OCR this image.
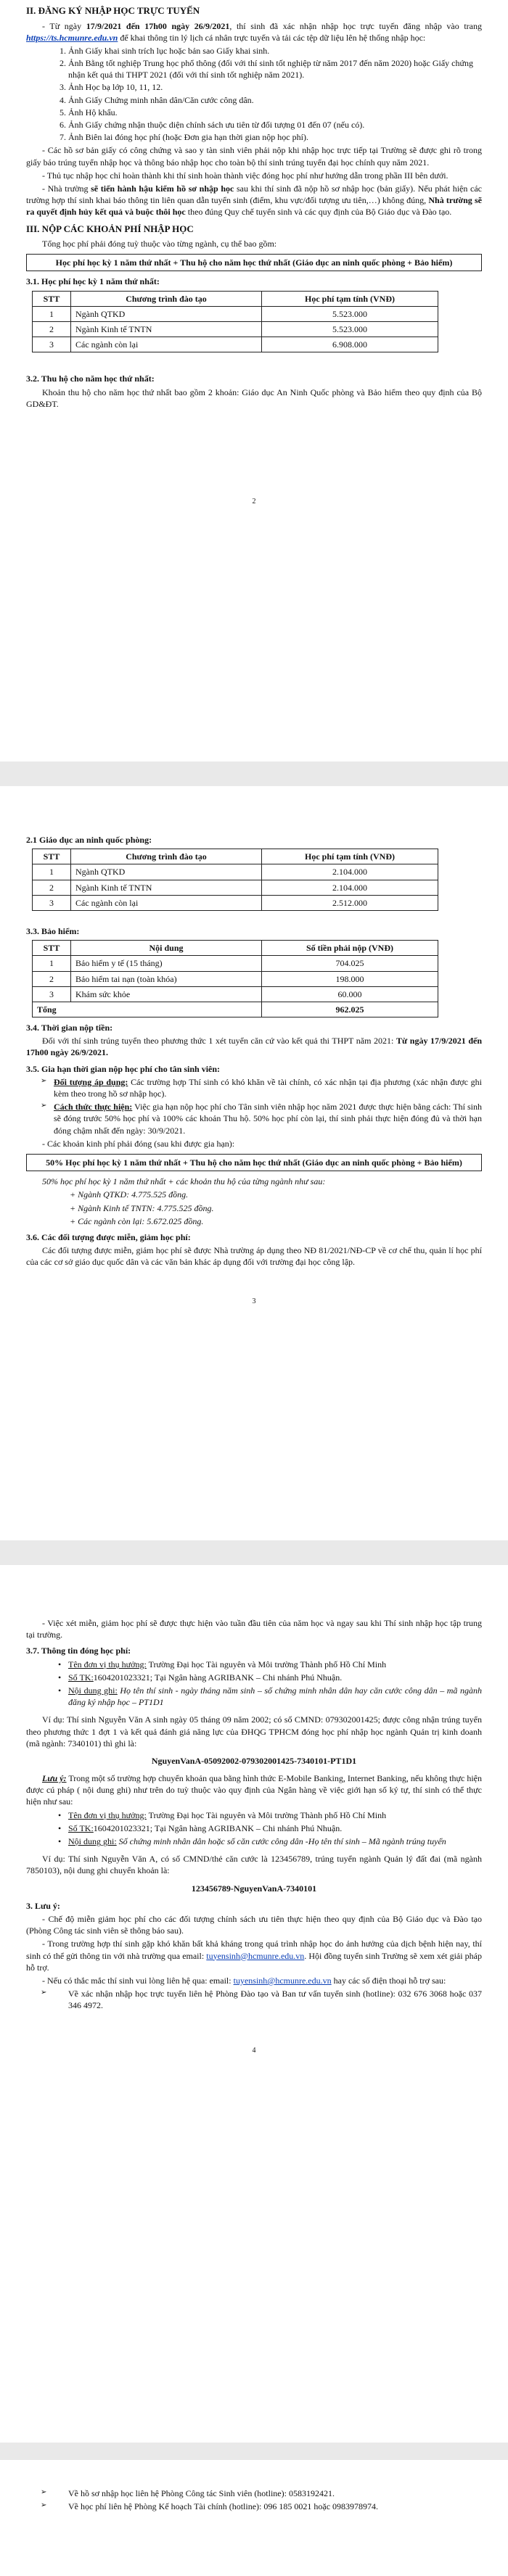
II. ĐĂNG KÝ NHẬP HỌC TRỰC TUYẾN

- Từ ngày 17/9/2021 đến 17h00 ngày 26/9/2021, thí sinh đã xác nhận nhập học trực tuyến đăng nhập vào trang https://ts.hcmunre.edu.vn để khai thông tin lý lịch cá nhân trực tuyến và tải các tệp dữ liệu lên hệ thống nhập học:

1. Ảnh Giấy khai sinh trích lục hoặc bản sao Giấy khai sinh.
2. Ảnh Bằng tốt nghiệp Trung học phổ thông (đối với thí sinh tốt nghiệp từ năm 2017 đến năm 2020) hoặc Giấy chứng nhận kết quả thi THPT 2021 (đối với thí sinh tốt nghiệp năm 2021).
3. Ảnh Học bạ lớp 10, 11, 12.
4. Ảnh Giấy Chứng minh nhân dân/Căn cước công dân.
5. Ảnh Hộ khẩu.
6. Ảnh Giấy chứng nhận thuộc diện chính sách ưu tiên từ đối tượng 01 đến 07 (nếu có).
7. Ảnh Biên lai đóng học phí (hoặc Đơn gia hạn thời gian nộp học phí).

- Các hồ sơ bản giấy có công chứng và sao y tàn sinh viên phải nộp khi nhập học trực tiếp tại Trường sẽ được ghi rõ trong giấy báo trúng tuyển nhập học và thông báo nhập học cho toàn bộ thí sinh trúng tuyển đại học chính quy năm 2021.

- Thủ tục nhập học chỉ hoàn thành khi thí sinh hoàn thành việc đóng học phí như hướng dẫn trong phần III bên dưới.

- Nhà trường sẽ tiến hành hậu kiểm hồ sơ nhập học sau khi thí sinh đã nộp hồ sơ nhập học (bản giấy). Nếu phát hiện các trường hợp thí sinh khai báo thông tin liên quan dẫn tuyển sinh (điểm, khu vực/đối tượng ưu tiên,…) không đúng, Nhà trường sẽ ra quyết định hủy kết quả và buộc thôi học theo đúng Quy chế tuyển sinh và các quy định của Bộ Giáo dục và Đào tạo.

III. NỘP CÁC KHOẢN PHÍ NHẬP HỌC

Tổng học phí phải đóng tuỳ thuộc vào từng ngành, cụ thể bao gồm:

Học phí học kỳ 1 năm thứ nhất + Thu hộ cho năm học thứ nhất (Giáo dục an ninh quốc phòng + Bảo hiểm)
3.1. Học phí học kỳ 1 năm thứ nhất:
STT	Chương trình đào tạo	Học phí tạm tính (VNĐ)
1	Ngành QTKD	5.523.000
2	Ngành Kinh tế TNTN	5.523.000
3	Các ngành còn lại	6.908.000
3.2. Thu hộ cho năm học thứ nhất:

Khoản thu hộ cho năm học thứ nhất bao gồm 2 khoản: Giáo dục An Ninh Quốc phòng và Bảo hiểm theo quy định của Bộ GD&ĐT.

2
2.1 Giáo dục an ninh quốc phòng:
STT	Chương trình đào tạo	Học phí tạm tính (VNĐ)
1	Ngành QTKD	2.104.000
2	Ngành Kinh tế TNTN	2.104.000
3	Các ngành còn lại	2.512.000
3.3. Bảo hiểm:
STT	Nội dung	Số tiền phải nộp (VNĐ)
1	Bảo hiểm y tế (15 tháng)	704.025
2	Bảo hiểm tai nạn (toàn khóa)	198.000
3	Khám sức khỏe	60.000
Tổng		962.025
3.4. Thời gian nộp tiền:

Đối với thí sinh trúng tuyển theo phương thức 1 xét tuyển căn cứ vào kết quả thi THPT năm 2021: Từ ngày 17/9/2021 đến 17h00 ngày 26/9/2021.

3.5. Gia hạn thời gian nộp học phí cho tân sinh viên:

➢ Đối tượng áp dụng: Các trường hợp Thí sinh có khó khăn về tài chính, có xác nhận tại địa phương (xác nhận được ghi kèm theo trong hồ sơ nhập học).

➢ Cách thức thực hiện: Việc gia hạn nộp học phí cho Tân sinh viên nhập học năm 2021 được thực hiện bằng cách: Thí sinh sẽ đóng trước 50% học phí và 100% các khoản Thu hộ. 50% học phí còn lại, thí sinh phải thực hiện đóng đủ và thời hạn đóng chậm nhất đến ngày: 30/9/2021.

- Các khoản kinh phí phải đóng (sau khi được gia hạn):

50% Học phí học kỳ 1 năm thứ nhất + Thu hộ cho năm học thứ nhất (Giáo dục an ninh quốc phòng + Bảo hiểm)

50% học phí học kỳ 1 năm thứ nhất + các khoản thu hộ của từng ngành như sau:

+ Ngành QTKD: 4.775.525 đồng.

+ Ngành Kinh tế TNTN: 4.775.525 đồng.

+ Các ngành còn lại: 5.672.025 đồng.

3.6. Các đối tượng được miễn, giảm học phí:

Các đối tượng được miễn, giảm học phí sẽ được Nhà trường áp dụng theo NĐ 81/2021/NĐ-CP về cơ chế thu, quản lí học phí của các cơ sở giáo dục quốc dân và các văn bản khác áp dụng đối với trường đại học công lập.

3

- Việc xét miễn, giảm học phí sẽ được thực hiện vào tuần đầu tiên của năm học và ngay sau khi Thí sinh nhập học tập trung tại trường.

3.7. Thông tin đóng học phí:

• Tên đơn vị thụ hưởng: Trường Đại học Tài nguyên và Môi trường Thành phố Hồ Chí Minh

• Số TK:1604201023321; Tại Ngân hàng AGRIBANK – Chi nhánh Phú Nhuận.

• Nội dung ghi: Họ tên thí sinh - ngày tháng năm sinh – số chứng minh nhân dân hay căn cước công dân – mã ngành đăng ký nhập học – PT1D1

Ví dụ: Thí sinh Nguyễn Văn A sinh ngày 05 tháng 09 năm 2002; có số CMND: 079302001425; được công nhận trúng tuyển theo phương thức 1 đợt 1 và kết quả đánh giá năng lực của ĐHQG TPHCM đóng học phí nhập học ngành Quản trị kinh doanh (mã ngành: 7340101) thì ghi là:

NguyenVanA-05092002-079302001425-7340101-PT1D1

Lưu ý: Trong một số trường hợp chuyển khoản qua bằng hình thức E-Mobile Banking, Internet Banking, nếu không thực hiện được cú pháp ( nội dung ghi) như trên do tuỳ thuộc vào quy định của Ngân hàng về việc giới hạn số ký tự, thí sinh có thể thực hiện như sau:

• Tên đơn vị thụ hưởng: Trường Đại học Tài nguyên và Môi trường Thành phố Hồ Chí Minh

• Số TK:1604201023321; Tại Ngân hàng AGRIBANK – Chi nhánh Phú Nhuận.

• Nội dung ghi: Số chứng minh nhân dân hoặc số căn cước công dân -Họ tên thí sinh – Mã ngành trúng tuyển

Ví dụ: Thí sinh Nguyễn Văn A, có số CMND/thẻ căn cước là 123456789, trúng tuyển ngành Quản lý đất đai (mã ngành 7850103), nội dung ghi chuyển khoản là:

123456789-NguyenVanA-7340101

3. Lưu ý:

- Chế độ miễn giảm học phí cho các đối tượng chính sách ưu tiên thực hiện theo quy định của Bộ Giáo dục và Đào tạo (Phòng Công tác sinh viên sẽ thông báo sau).

- Trong trường hợp thí sinh gặp khó khăn bất khả kháng trong quá trình nhập học do ảnh hưởng của dịch bệnh hiện nay, thí sinh có thể gửi thông tin với nhà trường qua email: tuyensinh@hcmunre.edu.vn. Hội đồng tuyển sinh Trường sẽ xem xét giải pháp hỗ trợ.

- Nếu có thắc mắc thí sinh vui lòng liên hệ qua: email: tuyensinh@hcmunre.edu.vn hay các số điện thoại hỗ trợ sau:

➢ Về xác nhận nhập học trực tuyến liên hệ Phòng Đào tạo và Ban tư vấn tuyển sinh (hotline): 032 676 3068 hoặc 037 346 4972.

4

➢ Về hồ sơ nhập học liên hệ Phòng Công tác Sinh viên (hotline): 0583192421.

➢ Về học phí liên hệ Phòng Kế hoạch Tài chính (hotline): 096 185 0021 hoặc 0983978974.
